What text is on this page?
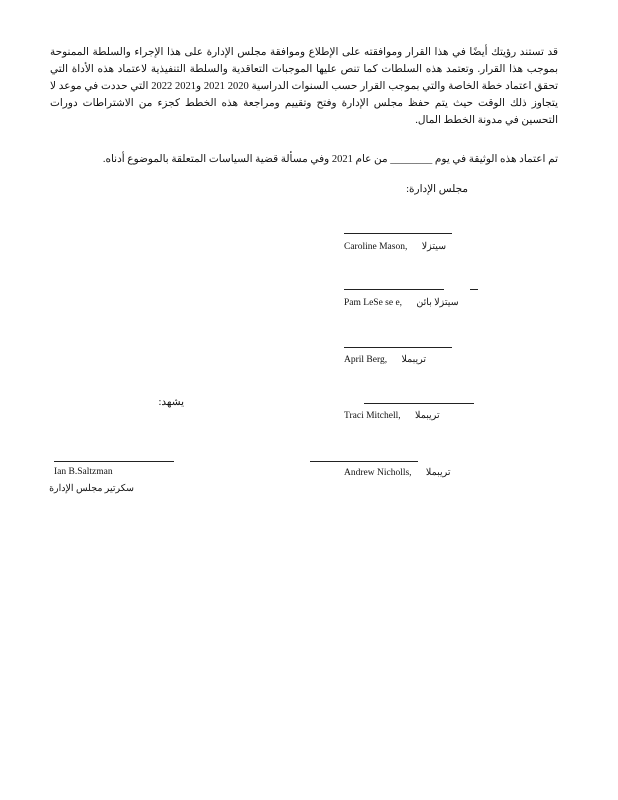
قد تستند رؤيتك أيضًا في هذا القرار وموافقته على الإطلاع وموافقة مجلس الإدارة على هذا الإجراء والسلطة الممنوحة بموجب هذا القرار. وتعتمد هذه السلطات كما تنص عليها الموجبات التعاقدية والسلطة التنفيذية لاعتماد هذه الأداة التي تحقق اعتماد خطة الخاصة والتي بموجب القرار حسب السنوات الدراسية 2020 2021 و2021 2022 التي حددت في موعد لا يتجاوز ذلك الوقت حيث يتم حفظ مجلس الإدارة وفتح وتقييم ومراجعة هذه الخطط كجزء من الاشتراطات دورات التحسين في مدونة الخطط المال.
تم اعتماد هذه الوثيقة في يوم ________ من عام 2021 وفي مسألة قضية السياسات المتعلقة بالموضوع أدناه.
مجلس الإدارة:
Caroline Mason, سيتزلا
Pam LeSe se e, سيتزلا بائن
April Berg, تريبملا
يشهد:
Traci Mitchell, تريبملا
Ian B.Saltzman
سكرتير مجلس الإدارة
Andrew Nicholls, تريبملا
